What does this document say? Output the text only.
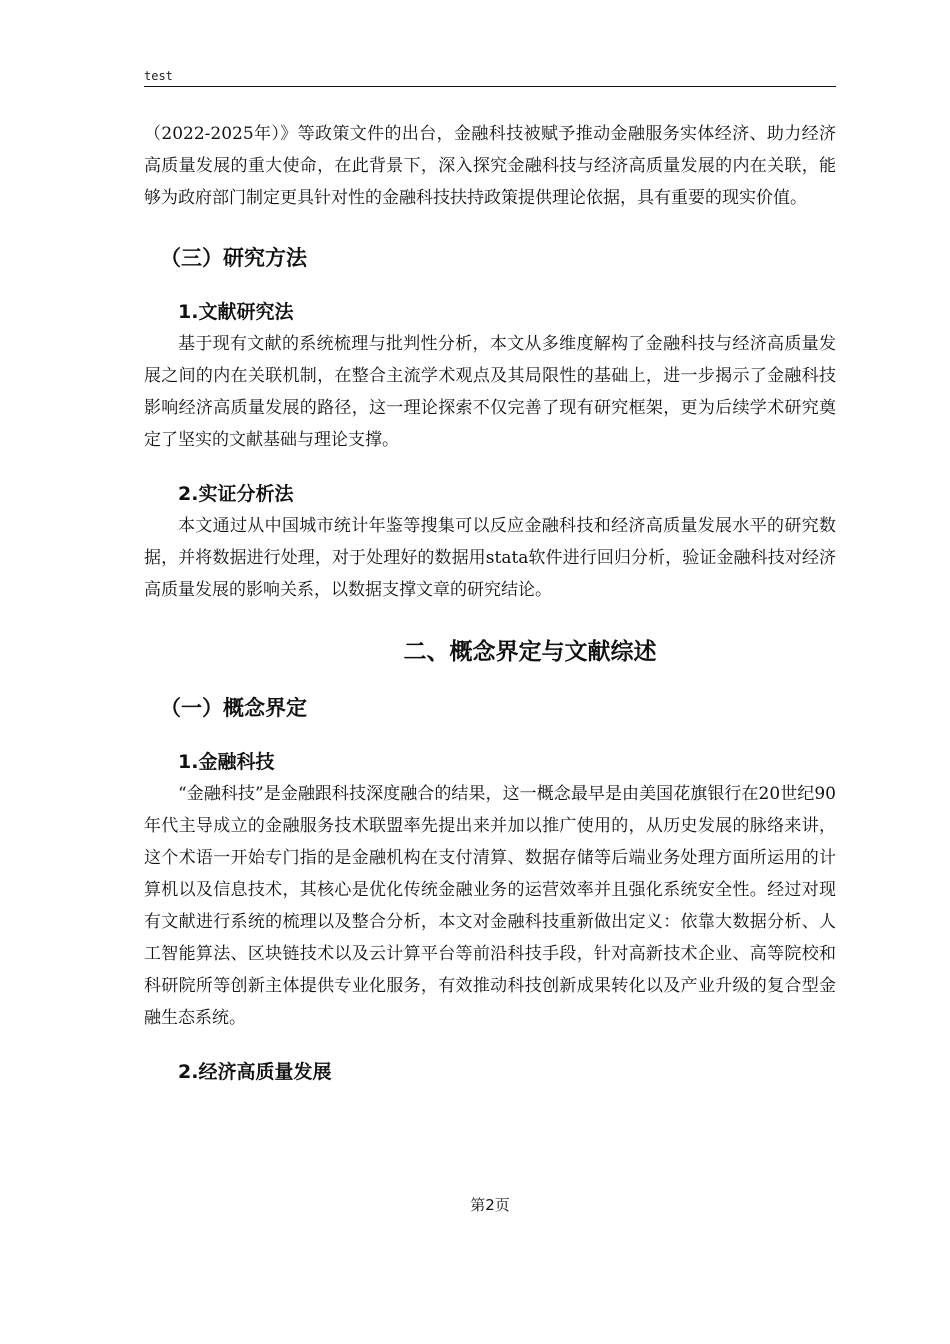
test

（2022-2025年）》等政策文件的出台，金融科技被赋予推动金融服务实体经济、助力经济高质量发展的重大使命，在此背景下，深入探究金融科技与经济高质量发展的内在关联，能够为政府部门制定更具针对性的金融科技扶持政策提供理论依据，具有重要的现实价值。

（三）研究方法
1.文献研究法

基于现有文献的系统梳理与批判性分析，本文从多维度解构了金融科技与经济高质量发展之间的内在关联机制，在整合主流学术观点及其局限性的基础上，进一步揭示了金融科技影响经济高质量发展的路径，这一理论探索不仅完善了现有研究框架，更为后续学术研究奠定了坚实的文献基础与理论支撑。

2.实证分析法

本文通过从中国城市统计年鉴等搜集可以反应金融科技和经济高质量发展水平的研究数据，并将数据进行处理，对于处理好的数据用stata软件进行回归分析，验证金融科技对经济高质量发展的影响关系，以数据支撑文章的研究结论。

二、概念界定与文献综述
（一）概念界定
1.金融科技

“金融科技”是金融跟科技深度融合的结果，这一概念最早是由美国花旗银行在20世纪90年代主导成立的金融服务技术联盟率先提出来并加以推广使用的，从历史发展的脉络来讲，这个术语一开始专门指的是金融机构在支付清算、数据存储等后端业务处理方面所运用的计算机以及信息技术，其核心是优化传统金融业务的运营效率并且强化系统安全性。经过对现有文献进行系统的梳理以及整合分析，本文对金融科技重新做出定义：依靠大数据分析、人工智能算法、区块链技术以及云计算平台等前沿科技手段，针对高新技术企业、高等院校和科研院所等创新主体提供专业化服务，有效推动科技创新成果转化以及产业升级的复合型金融生态系统。

2.经济高质量发展
第2页
